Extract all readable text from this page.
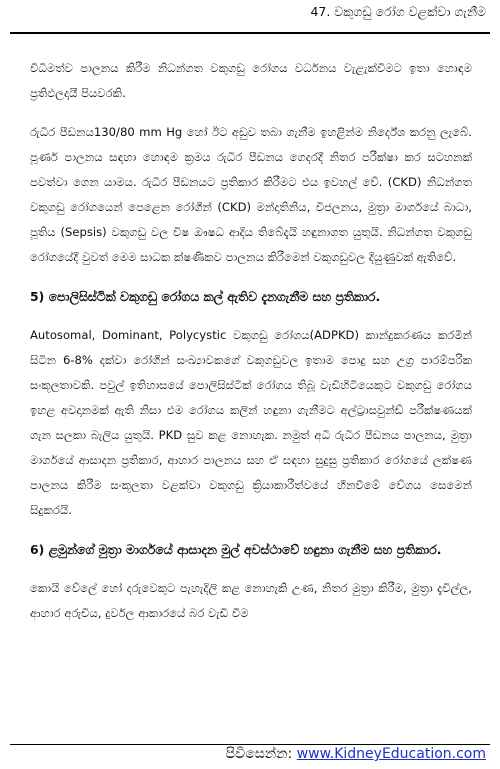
47. වකුගඩු රෝග වළක්වා ගැනීම

විධිමත්ව පාලනය කිරීම නිධන්ගත වකුගඩු රෝගය වර්ධනය වැළැක්වීමට ඉතා හොඳම ප්‍රතිඵලදායී පියවරකි.

රුධිර පීඩනය130/80 mm Hg හෝ ඊට අඩුව තබා ගැනීම ඉහළින්ම නිර්දේශ කරනු ලැබේ. පූර්ණ පාලනය සඳහා හොඳම ක්‍රමය රුධිර පීඩනය ගෙදරදී නිතර පරීක්ෂා කර සටහනක් පවත්වා ගෙන යාමය. රුධිර පීඩනයට ප්‍රතිකාර කිරීමට එය ඉවහල් වේ. (CKD) නිධන්ගත වකුගඩු රෝගයෙන් පෙළෙන රෝගීන් (CKD) මන්දාතිනිය, විජලනය, මුත්‍රා මාර්ගයේ බාධා, පූතිය (Sepsis) වකුගඩු වල විෂ ඖෂධ ආදිය තිබේදැයි හඳුනාගත යුතුයි. නිධන්ගත වකුගඩු රෝගයේදී වුවත් මෙම සාධක ක්ෂණිකව පාලනය කිරීමෙන් වකුගඩුවල දියුණුවක් ඇතිවේ.

5) පොලිසිස්ටික් වකුගඩු රෝගය කල් ඇතිව දැනගැනීම සහ ප්‍රතිකාර.

Autosomal, Dominant, Polycystic වකුගඩු රෝගය(ADPKD) කාන්දුකරණය කරමින් සිටින 6-8% දක්වා රෝගීන් සංඛ්‍යාවකගේ වකුගඩුවල ඉතාම පොදු සහ උග්‍ර පාරම්පරික සංකූලතාවකි. පවුල් ඉතිහාසයේ පොලිසිස්ටික් රෝගය තිබූ වැඩිහිටියෙකුට වකුගඩු රෝගය ඉහළ අවදානමක් ඇති නිසා එම රෝගය කලින් හඳුනා ගැනීමට අල්ට්‍රාසවුන්ඩ් පරීක්ෂණයක් ගැන සලකා බැලිය යුතුයි. PKD සුව කළ නොහැක. නමුත් අධි රුධිර පීඩනය පාලනය, මුත්‍රා මාර්ගයේ ආසාදන ප්‍රතිකාර, ආහාර පාලනය සහ ඒ සඳහා සුදුසු ප්‍රතිකාර රෝගයේ ලක්ෂණ පාලනය කිරීම සංකූලතා වළක්වා වකුගඩු ක්‍රියාකාරීත්වයේ හීනවීමේ වේගය සෙමෙන් සිදුකරයි.

6) ළමුන්ගේ මුත්‍රා මාර්ගයේ ආසාදන මුල් අවස්ථාවේ හඳුනා ගැනීම සහ ප්‍රතිකාර.

කොයි වේලේ හෝ දරුවෙකුට පැහැදිලි කළ නොහැකි උණ, නිතර මුත්‍රා කිරීම, මුත්‍රා දැවිල්ල, ආහාර අරුචිය, දුර්වල ආකාරයේ බර වැඩි වීම

පිවිසෙන්න: www.KidneyEducation.com
